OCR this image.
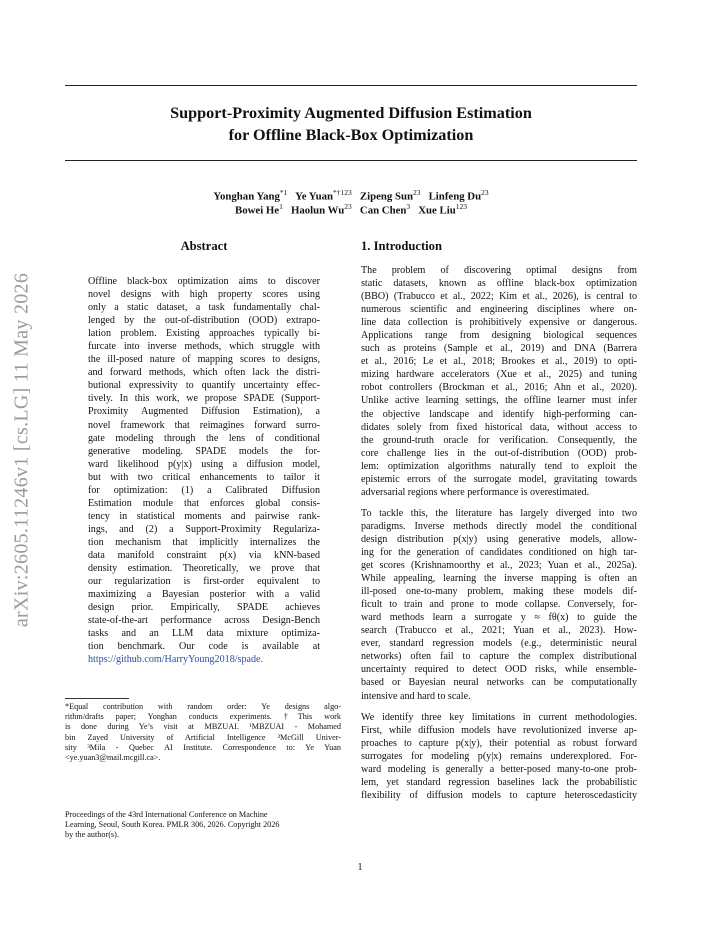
arXiv:2605.11246v1 [cs.LG] 11 May 2026
Support-Proximity Augmented Diffusion Estimation
for Offline Black-Box Optimization
Yonghan Yang$^{*1}$ Ye Yuan$^{*\dagger 123}$ Zipeng Sun$^{23}$ Linfeng Du$^{23}$
Bowei He$^1$ Haolun Wu$^{23}$ Can Chen$^3$ Xue Liu$^{123}$
Abstract
Offline black-box optimization aims to discover
novel designs with high property scores using
only a static dataset, a task fundamentally chal-
lenged by the out-of-distribution (OOD) extrapo-
lation problem. Existing approaches typically bi-
furcate into inverse methods, which struggle with
the ill-posed nature of mapping scores to designs,
and forward methods, which often lack the distri-
butional expressivity to quantify uncertainty effec-
tively. In this work, we propose SPADE (Support-
Proximity Augmented Diffusion Estimation), a
novel framework that reimagines forward surro-
gate modeling through the lens of conditional
generative modeling. SPADE models the for-
ward likelihood p(y|x) using a diffusion model,
but with two critical enhancements to tailor it
for optimization: (1) a Calibrated Diffusion
Estimation module that enforces global consis-
tency in statistical moments and pairwise rank-
ings, and (2) a Support-Proximity Regulariza-
tion mechanism that implicitly internalizes the
data manifold constraint p(x) via kNN-based
density estimation. Theoretically, we prove that
our regularization is first-order equivalent to
maximizing a Bayesian posterior with a valid
design prior. Empirically, SPADE achieves
state-of-the-art performance across Design-Bench
tasks and an LLM data mixture optimiza-
tion benchmark. Our code is available at
https://github.com/HarryYoung2018/spade.
*Equal contribution with random order: Ye designs algo-
rithm/drafts paper; Yonghan conducts experiments. †This work
is done during Ye’s visit at MBZUAI. ¹MBZUAI - Mohamed
bin Zayed University of Artificial Intelligence ²McGill Univer-
sity ³Mila - Quebec AI Institute. Correspondence to: Ye Yuan
<ye.yuan3@mail.mcgill.ca>.
Proceedings of the 43rd International Conference on Machine
Learning, Seoul, South Korea. PMLR 306, 2026. Copyright 2026
by the author(s).
1. Introduction
The problem of discovering optimal designs from
static datasets, known as offline black-box optimization
(BBO) (Trabucco et al., 2022; Kim et al., 2026), is central to
numerous scientific and engineering disciplines where on-
line data collection is prohibitively expensive or dangerous.
Applications range from designing biological sequences
such as proteins (Sample et al., 2019) and DNA (Barrera
et al., 2016; Le et al., 2018; Brookes et al., 2019) to opti-
mizing hardware accelerators (Xue et al., 2025) and tuning
robot controllers (Brockman et al., 2016; Ahn et al., 2020).
Unlike active learning settings, the offline learner must infer
the objective landscape and identify high-performing can-
didates solely from fixed historical data, without access to
the ground-truth oracle for verification. Consequently, the
core challenge lies in the out-of-distribution (OOD) prob-
lem: optimization algorithms naturally tend to exploit the
epistemic errors of the surrogate model, gravitating towards
adversarial regions where performance is overestimated.
To tackle this, the literature has largely diverged into two
paradigms. Inverse methods directly model the conditional
design distribution p(x|y) using generative models, allow-
ing for the generation of candidates conditioned on high tar-
get scores (Krishnamoorthy et al., 2023; Yuan et al., 2025a).
While appealing, learning the inverse mapping is often an
ill-posed one-to-many problem, making these models dif-
ficult to train and prone to mode collapse. Conversely, for-
ward methods learn a surrogate y ≈ fθ(x) to guide the
search (Trabucco et al., 2021; Yuan et al., 2023). How-
ever, standard regression models (e.g., deterministic neural
networks) often fail to capture the complex distributional
uncertainty required to detect OOD risks, while ensemble-
based or Bayesian neural networks can be computationally
intensive and hard to scale.
We identify three key limitations in current methodologies.
First, while diffusion models have revolutionized inverse ap-
proaches to capture p(x|y), their potential as robust forward
surrogates for modeling p(y|x) remains underexplored. For-
ward modeling is generally a better-posed many-to-one prob-
lem, yet standard regression baselines lack the probabilistic
flexibility of diffusion models to capture heteroscedasticity
1
